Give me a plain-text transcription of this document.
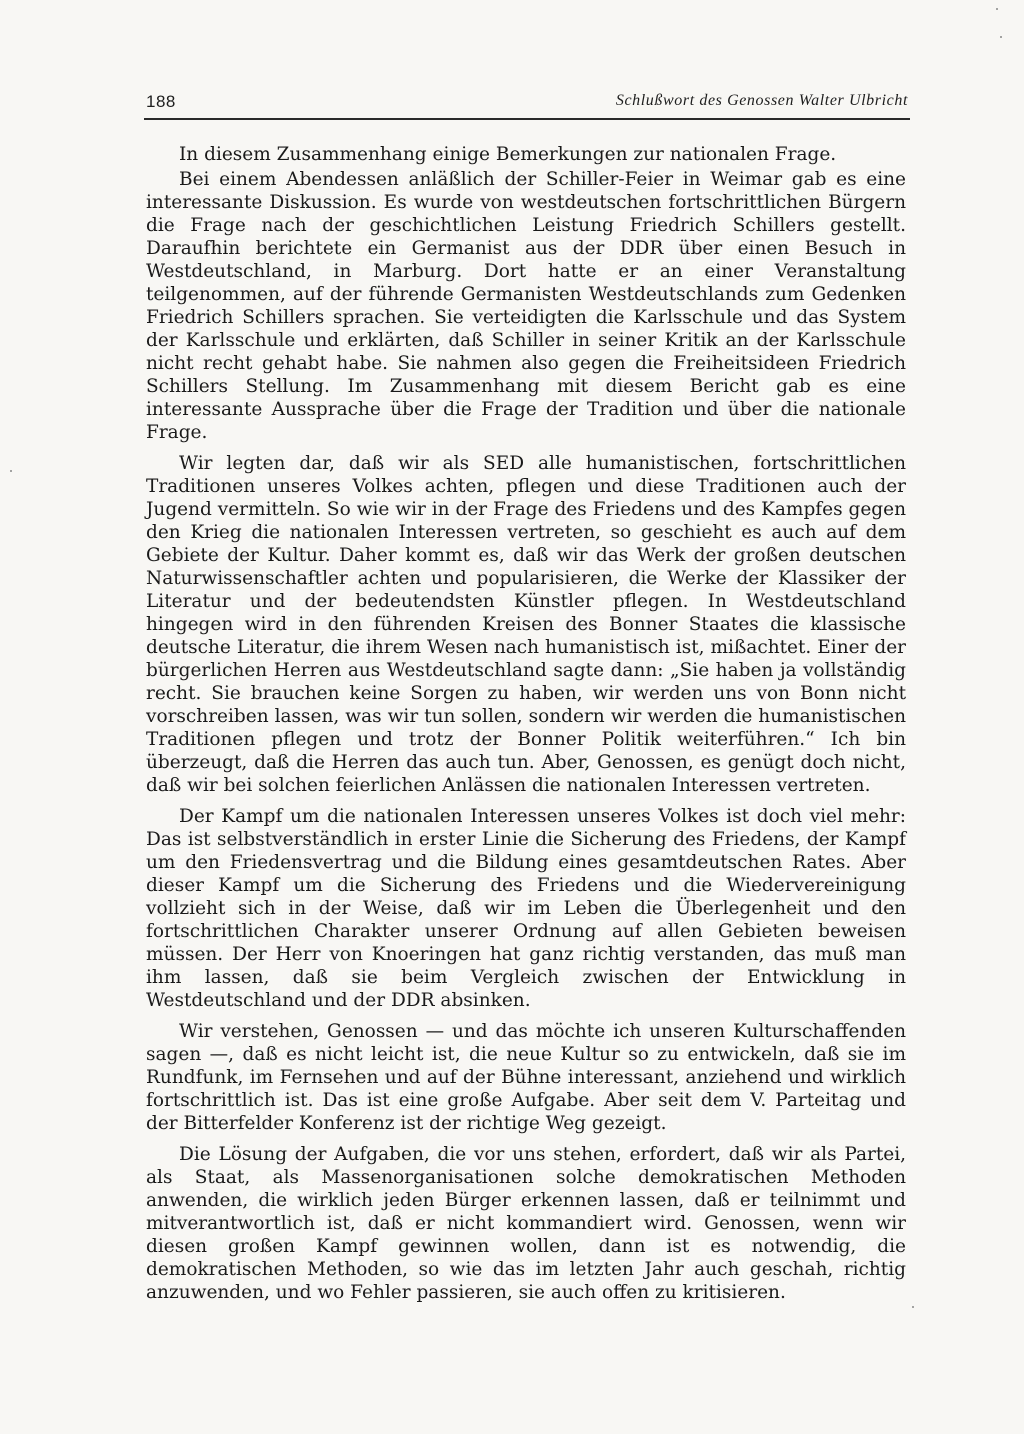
188	Schlußwort des Genossen Walter Ulbricht

In diesem Zusammenhang einige Bemerkungen zur nationalen Frage.

Bei einem Abendessen anläßlich der Schiller-Feier in Weimar gab es eine interessante Diskussion. Es wurde von westdeutschen fortschrittlichen Bürgern die Frage nach der geschichtlichen Leistung Friedrich Schillers gestellt. Daraufhin berichtete ein Germanist aus der DDR über einen Besuch in Westdeutschland, in Marburg. Dort hatte er an einer Veranstaltung teilgenommen, auf der führende Germanisten Westdeutschlands zum Gedenken Friedrich Schillers sprachen. Sie verteidigten die Karlsschule und das System der Karlsschule und erklärten, daß Schiller in seiner Kritik an der Karlsschule nicht recht gehabt habe. Sie nahmen also gegen die Freiheitsideen Friedrich Schillers Stellung. Im Zusammenhang mit diesem Bericht gab es eine interessante Aussprache über die Frage der Tradition und über die nationale Frage.

Wir legten dar, daß wir als SED alle humanistischen, fortschrittlichen Traditionen unseres Volkes achten, pflegen und diese Traditionen auch der Jugend vermitteln. So wie wir in der Frage des Friedens und des Kampfes gegen den Krieg die nationalen Interessen vertreten, so geschieht es auch auf dem Gebiete der Kultur. Daher kommt es, daß wir das Werk der großen deutschen Naturwissenschaftler achten und popularisieren, die Werke der Klassiker der Literatur und der bedeutendsten Künstler pflegen. In Westdeutschland hingegen wird in den führenden Kreisen des Bonner Staates die klassische deutsche Literatur, die ihrem Wesen nach humanistisch ist, mißachtet. Einer der bürgerlichen Herren aus Westdeutschland sagte dann: „Sie haben ja vollständig recht. Sie brauchen keine Sorgen zu haben, wir werden uns von Bonn nicht vorschreiben lassen, was wir tun sollen, sondern wir werden die humanistischen Traditionen pflegen und trotz der Bonner Politik weiterführen.“ Ich bin überzeugt, daß die Herren das auch tun. Aber, Genossen, es genügt doch nicht, daß wir bei solchen feierlichen Anlässen die nationalen Interessen vertreten.

Der Kampf um die nationalen Interessen unseres Volkes ist doch viel mehr: Das ist selbstverständlich in erster Linie die Sicherung des Friedens, der Kampf um den Friedensvertrag und die Bildung eines gesamtdeutschen Rates. Aber dieser Kampf um die Sicherung des Friedens und die Wiedervereinigung vollzieht sich in der Weise, daß wir im Leben die Überlegenheit und den fortschrittlichen Charakter unserer Ordnung auf allen Gebieten beweisen müssen. Der Herr von Knoeringen hat ganz richtig verstanden, das muß man ihm lassen, daß sie beim Vergleich zwischen der Entwicklung in Westdeutschland und der DDR absinken.

Wir verstehen, Genossen — und das möchte ich unseren Kulturschaffenden sagen —, daß es nicht leicht ist, die neue Kultur so zu entwickeln, daß sie im Rundfunk, im Fernsehen und auf der Bühne interessant, anziehend und wirklich fortschrittlich ist. Das ist eine große Aufgabe. Aber seit dem V. Parteitag und der Bitterfelder Konferenz ist der richtige Weg gezeigt.

Die Lösung der Aufgaben, die vor uns stehen, erfordert, daß wir als Partei, als Staat, als Massenorganisationen solche demokratischen Methoden anwenden, die wirklich jeden Bürger erkennen lassen, daß er teilnimmt und mitverantwortlich ist, daß er nicht kommandiert wird. Genossen, wenn wir diesen großen Kampf gewinnen wollen, dann ist es notwendig, die demokratischen Methoden, so wie das im letzten Jahr auch geschah, richtig anzuwenden, und wo Fehler passieren, sie auch offen zu kritisieren.
